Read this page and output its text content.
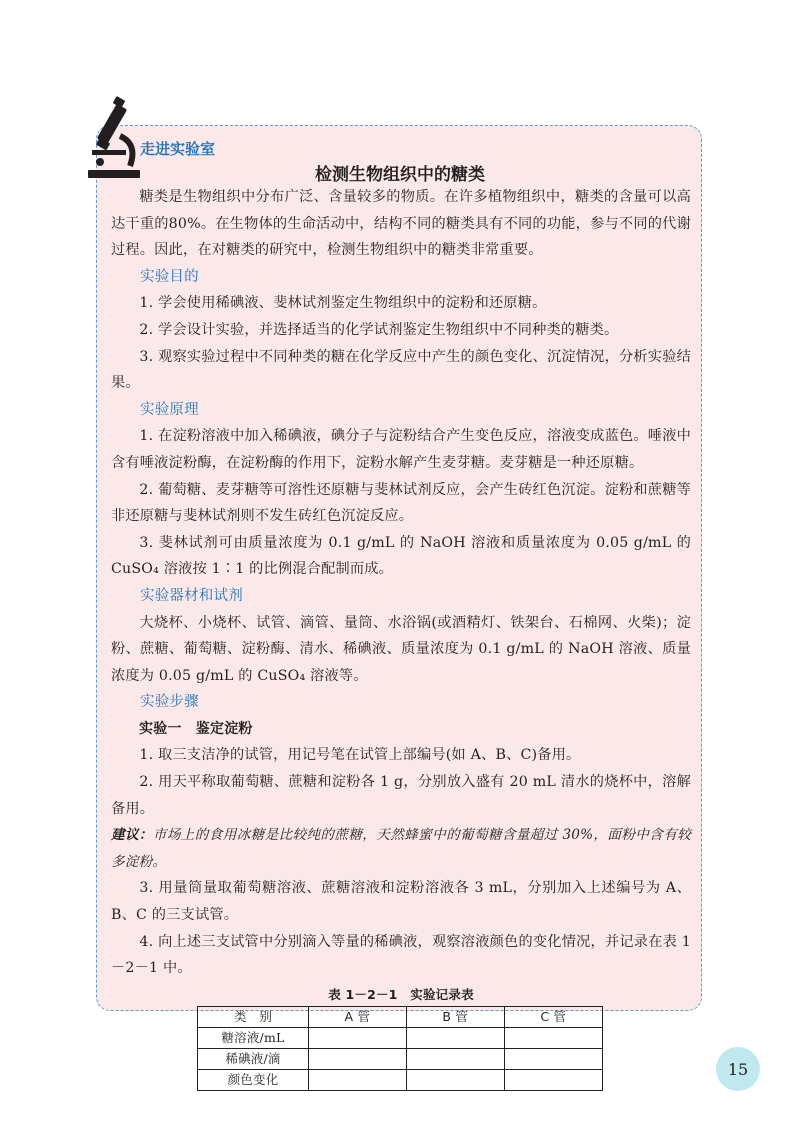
走进实验室
检测生物组织中的糖类

糖类是生物组织中分布广泛、含量较多的物质。在许多植物组织中，糖类的含量可以高达干重的80%。在生物体的生命活动中，结构不同的糖类具有不同的功能，参与不同的代谢过程。因此，在对糖类的研究中，检测生物组织中的糖类非常重要。

实验目的

1. 学会使用稀碘液、斐林试剂鉴定生物组织中的淀粉和还原糖。

2. 学会设计实验，并选择适当的化学试剂鉴定生物组织中不同种类的糖类。

3. 观察实验过程中不同种类的糖在化学反应中产生的颜色变化、沉淀情况，分析实验结果。

实验原理

1. 在淀粉溶液中加入稀碘液，碘分子与淀粉结合产生变色反应，溶液变成蓝色。唾液中含有唾液淀粉酶，在淀粉酶的作用下，淀粉水解产生麦芽糖。麦芽糖是一种还原糖。

2. 葡萄糖、麦芽糖等可溶性还原糖与斐林试剂反应，会产生砖红色沉淀。淀粉和蔗糖等非还原糖与斐林试剂则不发生砖红色沉淀反应。

3. 斐林试剂可由质量浓度为 0.1 g/mL 的 NaOH 溶液和质量浓度为 0.05 g/mL 的 CuSO₄ 溶液按 1∶1 的比例混合配制而成。

实验器材和试剂

大烧杯、小烧杯、试管、滴管、量筒、水浴锅(或酒精灯、铁架台、石棉网、火柴)；淀粉、蔗糖、葡萄糖、淀粉酶、清水、稀碘液、质量浓度为 0.1 g/mL 的 NaOH 溶液、质量浓度为 0.05 g/mL 的 CuSO₄ 溶液等。

实验步骤
实验一　鉴定淀粉

1. 取三支洁净的试管，用记号笔在试管上部编号(如 A、B、C)备用。

2. 用天平称取葡萄糖、蔗糖和淀粉各 1 g，分别放入盛有 20 mL 清水的烧杯中，溶解备用。

建议：市场上的食用冰糖是比较纯的蔗糖，天然蜂蜜中的葡萄糖含量超过 30%，面粉中含有较多淀粉。

3. 用量筒量取葡萄糖溶液、蔗糖溶液和淀粉溶液各 3 mL，分别加入上述编号为 A、B、C 的三支试管。

4. 向上述三支试管中分别滴入等量的稀碘液，观察溶液颜色的变化情况，并记录在表 1－2－1 中。

表 1－2－1　实验记录表
类　别	A 管	B 管	C 管
糖溶液/mL			
稀碘液/滴			
颜色变化			
15
